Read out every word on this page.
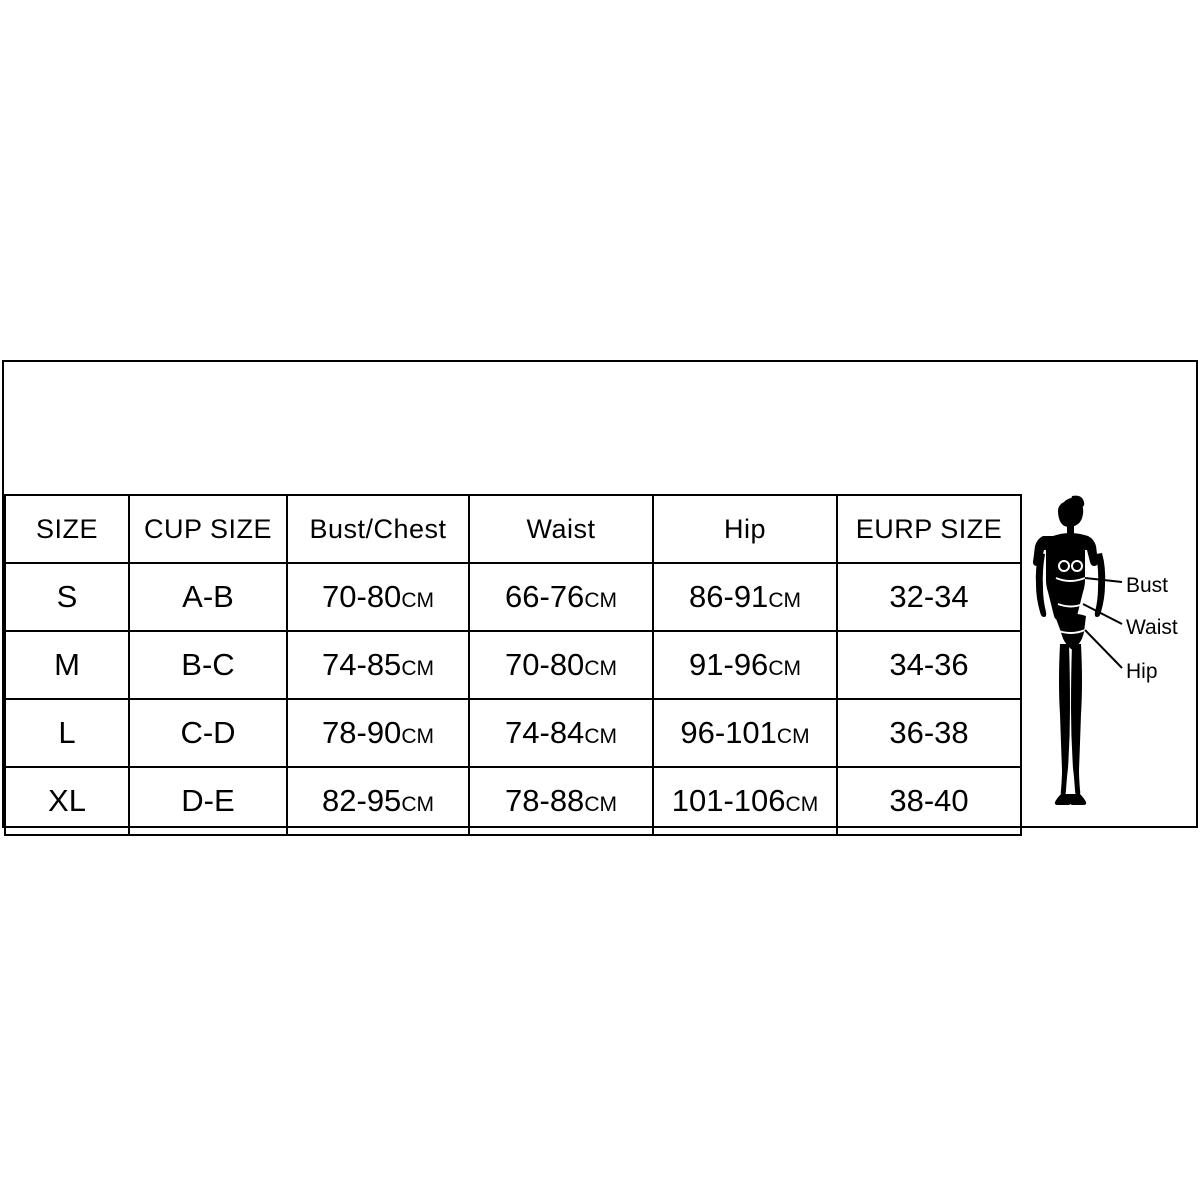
SIZE	CUP SIZE	Bust/Chest	Waist	Hip	EURP SIZE
S	A-B	70-80CM	66-76CM	86-91CM	32-34
M	B-C	74-85CM	70-80CM	91-96CM	34-36
L	C-D	78-90CM	74-84CM	96-101CM	36-38
XL	D-E	82-95CM	78-88CM	101-106CM	38-40
Bust
Waist
Hip
